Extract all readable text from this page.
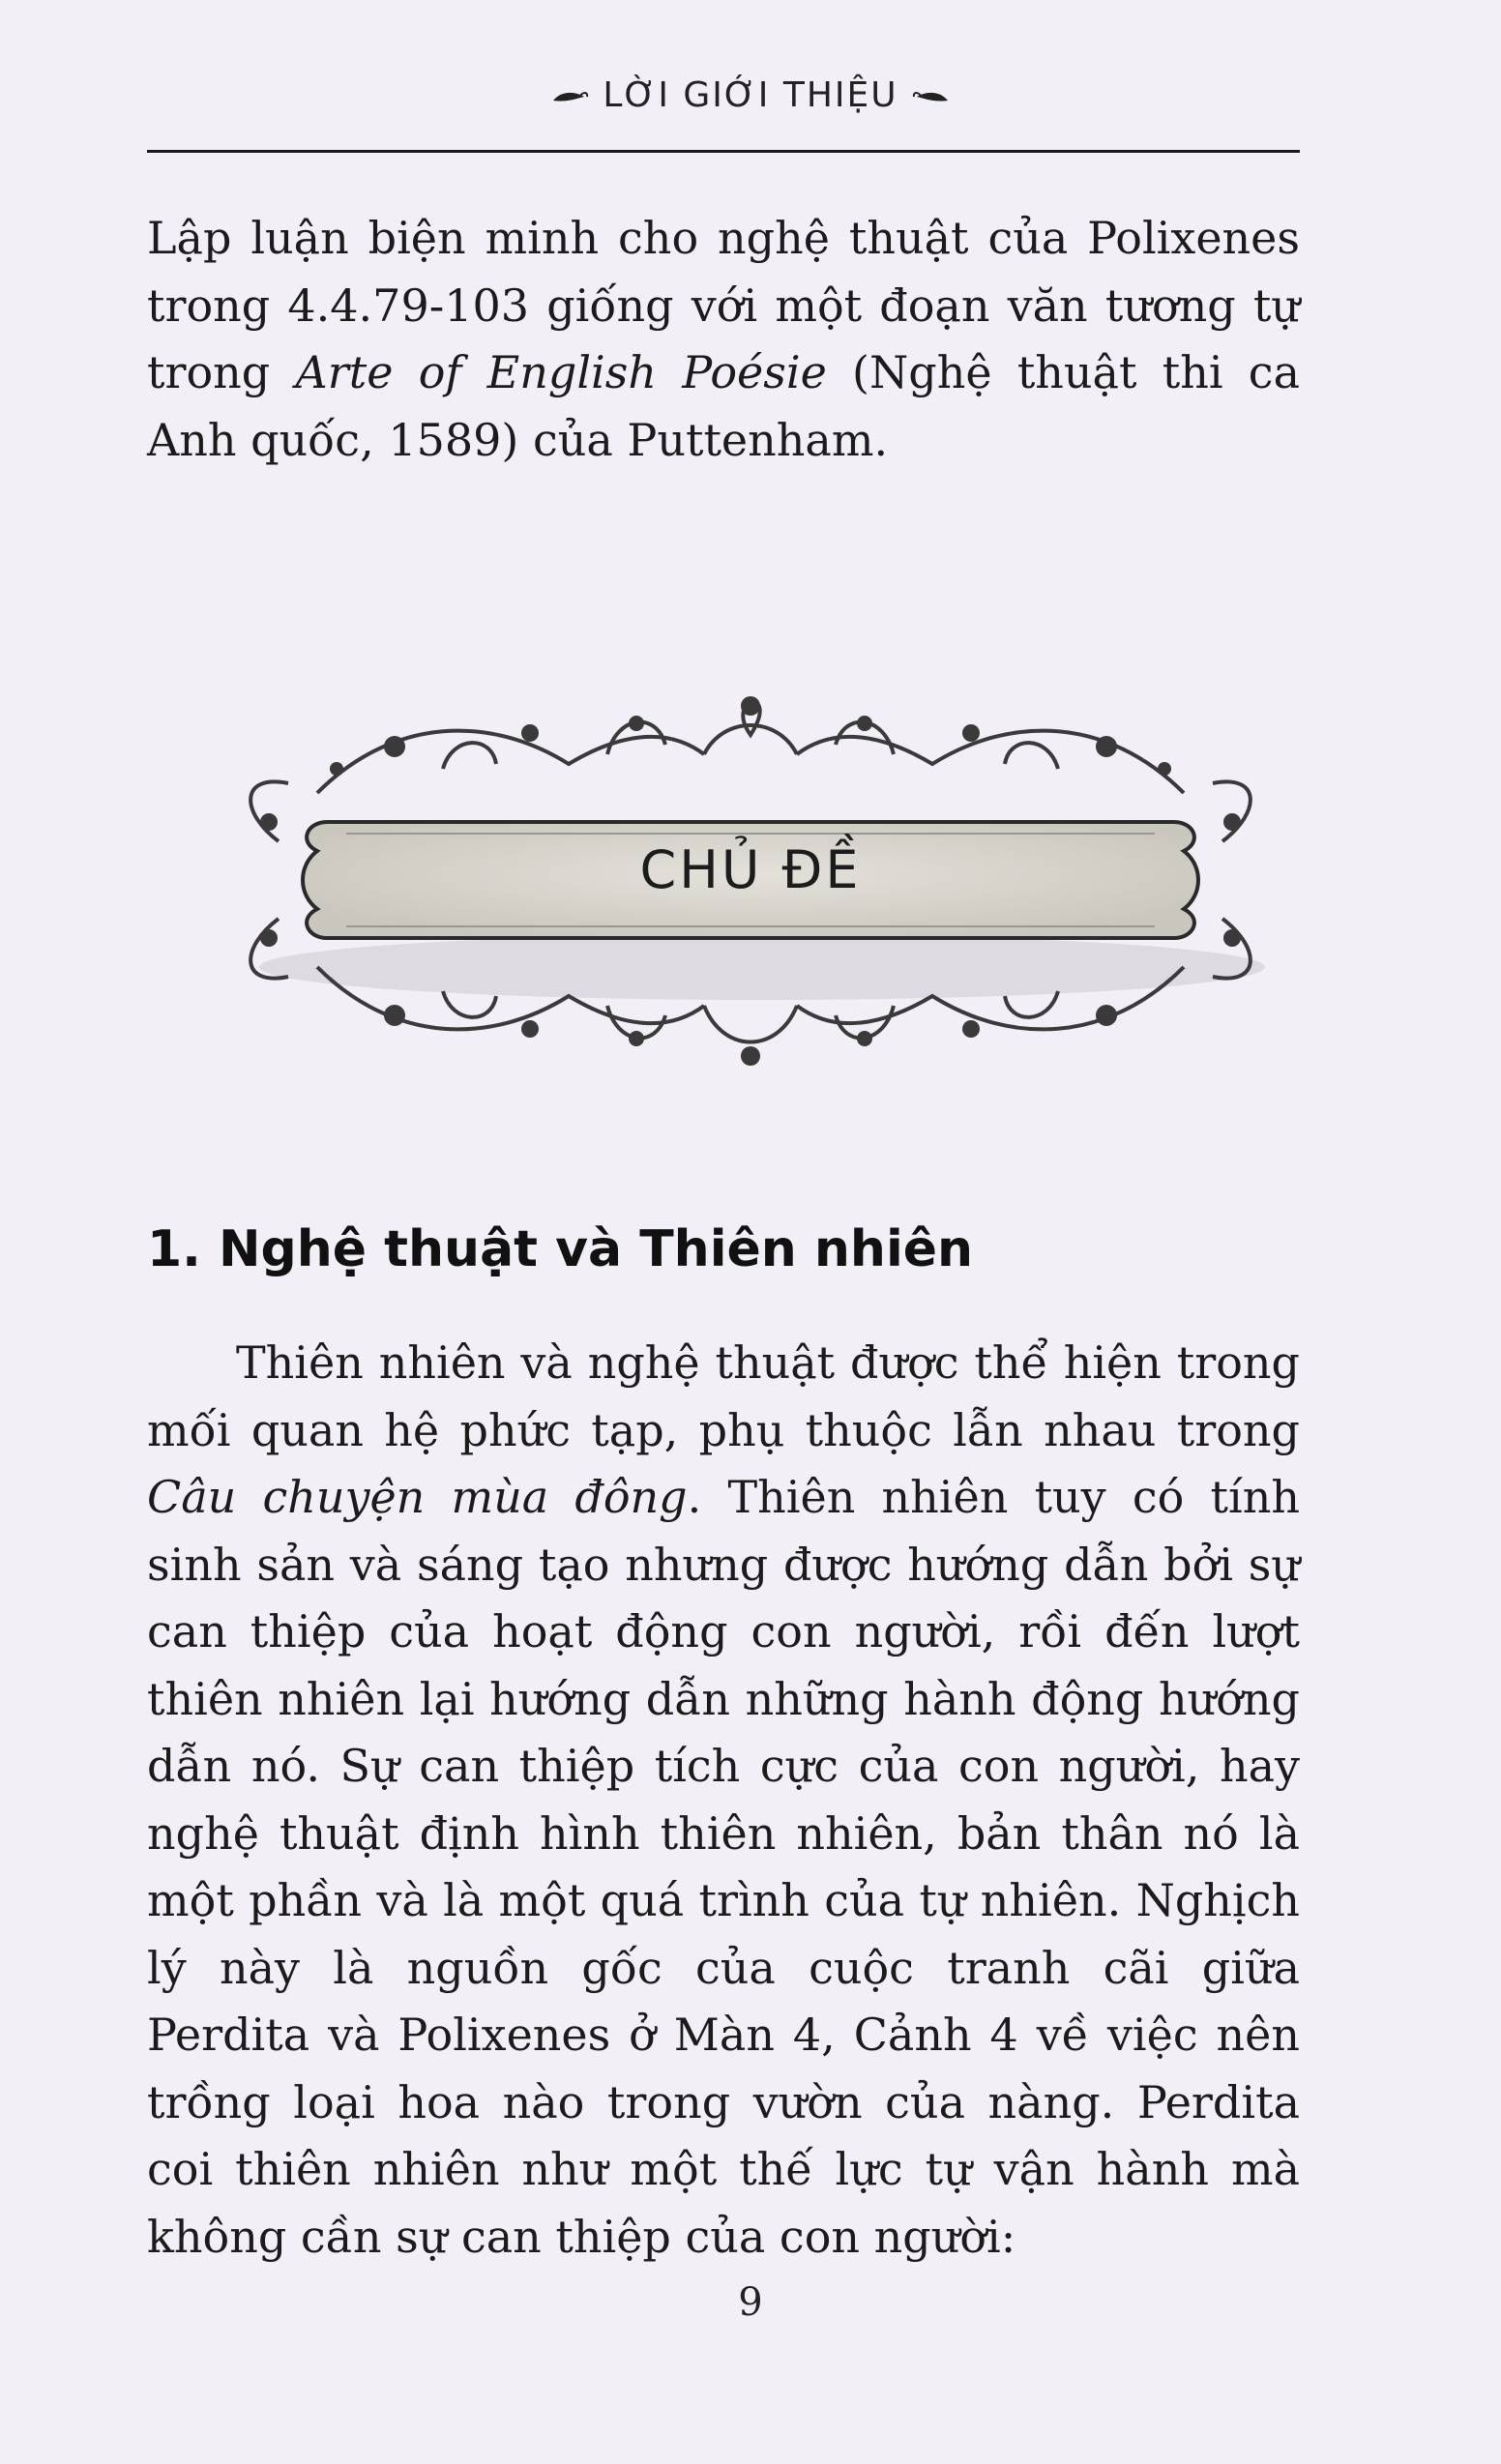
LỜI GIỚI THIỆU

Lập luận biện minh cho nghệ thuật của Polixenes trong 4.4.79-103 giống với một đoạn văn tương tự trong Arte of English Poésie (Nghệ thuật thi ca Anh quốc, 1589) của Puttenham.

CHỦ ĐỀ
1. Nghệ thuật và Thiên nhiên

Thiên nhiên và nghệ thuật được thể hiện trong mối quan hệ phức tạp, phụ thuộc lẫn nhau trong Câu chuyện mùa đông. Thiên nhiên tuy có tính sinh sản và sáng tạo nhưng được hướng dẫn bởi sự can thiệp của hoạt động con người, rồi đến lượt thiên nhiên lại hướng dẫn những hành động hướng dẫn nó. Sự can thiệp tích cực của con người, hay nghệ thuật định hình thiên nhiên, bản thân nó là một phần và là một quá trình của tự nhiên. Nghịch lý này là nguồn gốc của cuộc tranh cãi giữa Perdita và Polixenes ở Màn 4, Cảnh 4 về việc nên trồng loại hoa nào trong vườn của nàng. Perdita coi thiên nhiên như một thế lực tự vận hành mà không cần sự can thiệp của con người:

9
